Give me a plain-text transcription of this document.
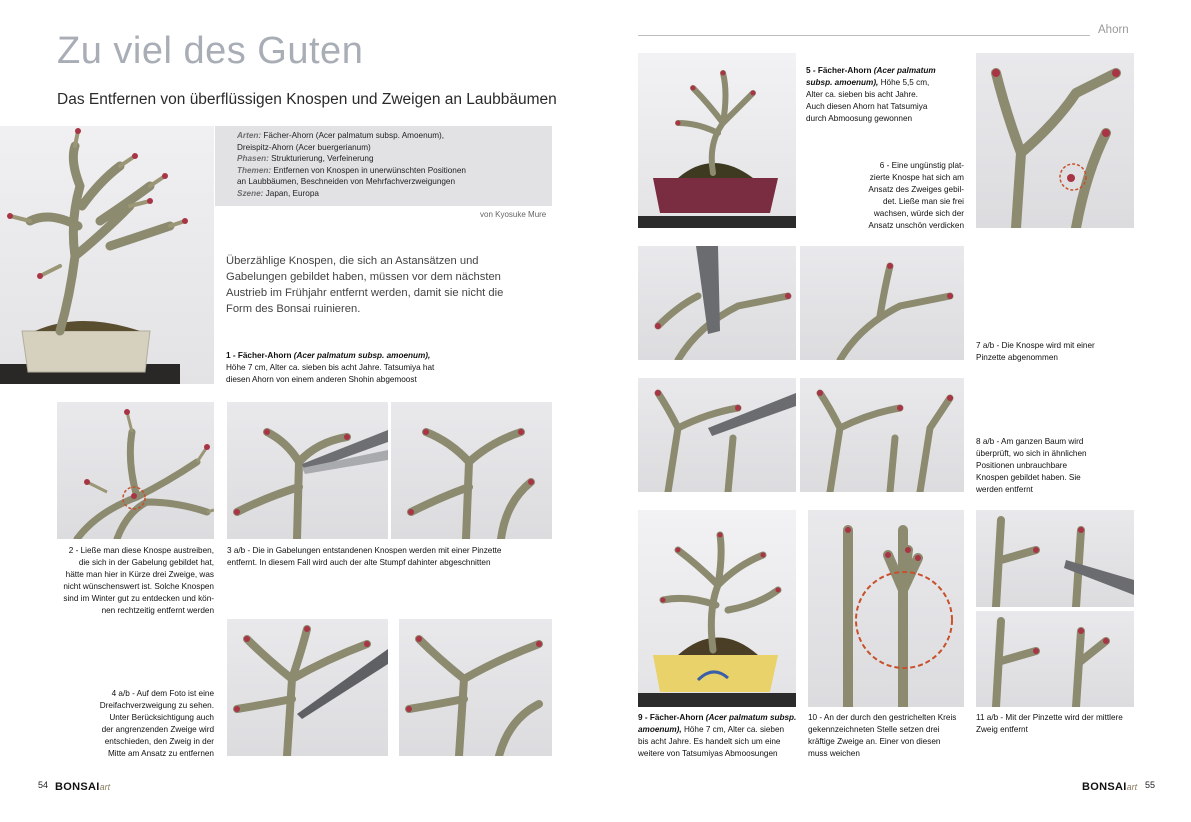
Zu viel des Guten
Das Entfernen von überflüssigen Knospen und Zweigen an Laubbäumen
Arten: Fächer-Ahorn (Acer palmatum subsp. Amoenum),
Dreispitz-Ahorn (Acer buergerianum)
Phasen: Strukturierung, Verfeinerung
Themen: Entfernen von Knospen in unerwünschten Positionen
an Laubbäumen, Beschneiden von Mehrfachverzweigungen
Szene: Japan, Europa
von Kyosuke Mure
Überzählige Knospen, die sich an Astansätzen und Gabelungen gebildet haben, müssen vor dem nächsten Austrieb im Frühjahr entfernt werden, damit sie nicht die Form des Bonsai ruinieren.
1 - Fächer-Ahorn (Acer palmatum subsp. amoenum),
Höhe 7 cm, Alter ca. sieben bis acht Jahre. Tatsumiya hat
diesen Ahorn von einem anderen Shohin abgemoost
2 - Ließe man diese Knospe austreiben,
die sich in der Gabelung gebildet hat,
hätte man hier in Kürze drei Zweige, was
nicht wünschenswert ist. Solche Knospen
sind im Winter gut zu entdecken und kön-
nen rechtzeitig entfernt werden
3 a/b - Die in Gabelungen entstandenen Knospen werden mit einer Pinzette
entfernt. In diesem Fall wird auch der alte Stumpf dahinter abgeschnitten
4 a/b - Auf dem Foto ist eine
Dreifachverzweigung zu sehen.
Unter Berücksichtigung auch
der angrenzenden Zweige wird
entschieden, den Zweig in der
Mitte am Ansatz zu entfernen
54 BONSAIart
Ahorn
5 - Fächer-Ahorn (Acer palmatum
subsp. amoenum), Höhe 5,5 cm,
Alter ca. sieben bis acht Jahre.
Auch diesen Ahorn hat Tatsumiya
durch Abmoosung gewonnen
6 - Eine ungünstig plat-
zierte Knospe hat sich am
Ansatz des Zweiges gebil-
det. Ließe man sie frei
wachsen, würde sich der
Ansatz unschön verdicken
7 a/b - Die Knospe wird mit einer
Pinzette abgenommen
8 a/b - Am ganzen Baum wird
überprüft, wo sich in ähnlichen
Positionen unbrauchbare
Knospen gebildet haben. Sie
werden entfernt
9 - Fächer-Ahorn (Acer palmatum subsp.
amoenum), Höhe 7 cm, Alter ca. sieben
bis acht Jahre. Es handelt sich um eine
weitere von Tatsumiyas Abmoosungen
10 - An der durch den gestrichelten Kreis
gekennzeichneten Stelle setzen drei
kräftige Zweige an. Einer von diesen
muss weichen
11 a/b - Mit der Pinzette wird der mittlere
Zweig entfernt
BONSAIart 55
